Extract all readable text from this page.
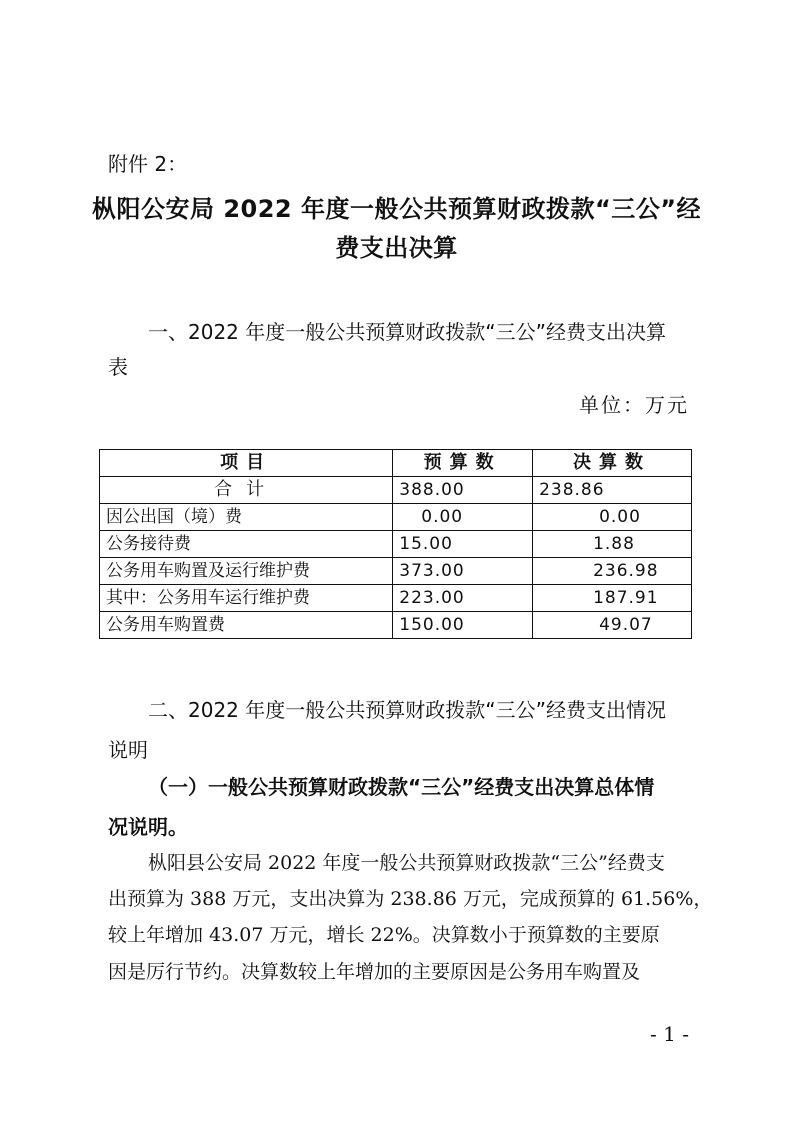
附件 2：
枞阳公安局 2022 年度一般公共预算财政拨款“三公”经
费支出决算
一、2022 年度一般公共预算财政拨款“三公”经费支出决算
表
单位：万元
项目	预算数	决算数
合计	388.00	238.86
因公出国（境）费	0.00	0.00
公务接待费	15.00	1.88
公务用车购置及运行维护费	373.00	236.98
其中：公务用车运行维护费	223.00	187.91
公务用车购置费	150.00	49.07
二、2022 年度一般公共预算财政拨款“三公”经费支出情况
说明
（一）一般公共预算财政拨款“三公”经费支出决算总体情
况说明。
枞阳县公安局 2022 年度一般公共预算财政拨款“三公”经费支
出预算为 388 万元，支出决算为 238.86 万元，完成预算的 61.56%，
较上年增加 43.07 万元，增长 22%。决算数小于预算数的主要原
因是厉行节约。决算数较上年增加的主要原因是公务用车购置及
- 1 -
